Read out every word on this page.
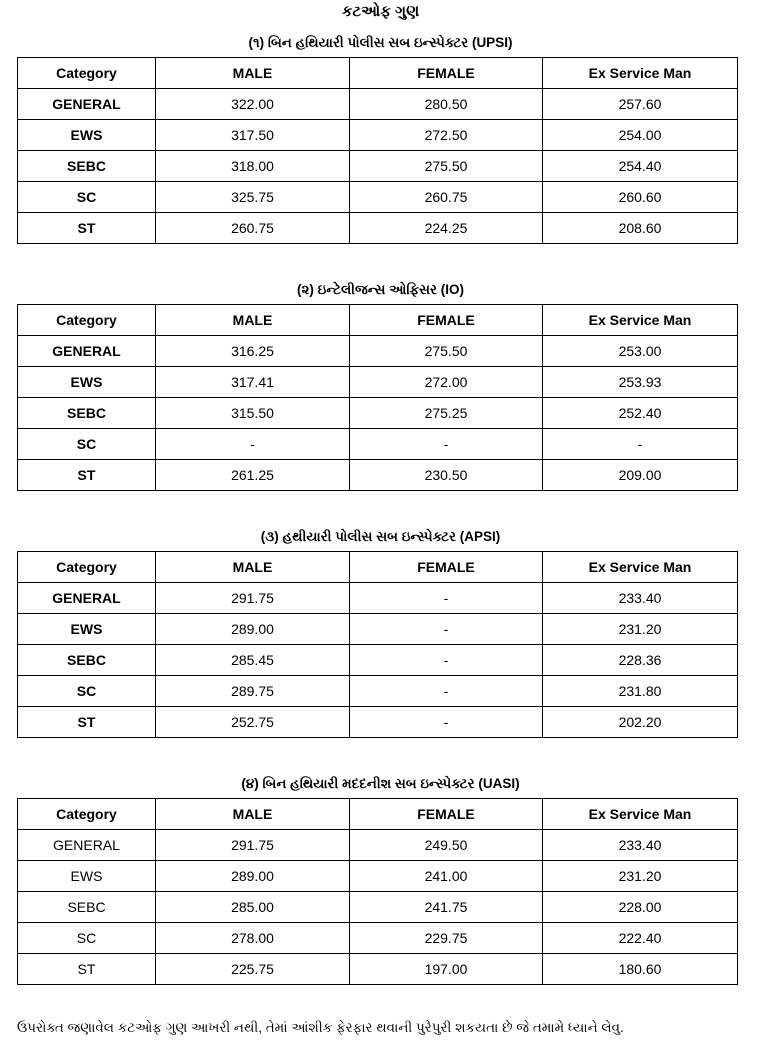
કટઓફ ગુણ
(૧) બિન હથિયારી પોલીસ સબ ઇન્સ્પેક્ટર (UPSI)
Category	MALE	FEMALE	Ex Service Man
GENERAL	322.00	280.50	257.60
EWS	317.50	272.50	254.00
SEBC	318.00	275.50	254.40
SC	325.75	260.75	260.60
ST	260.75	224.25	208.60
(૨) ઇન્ટેલીજન્સ ઓફિસર (IO)
Category	MALE	FEMALE	Ex Service Man
GENERAL	316.25	275.50	253.00
EWS	317.41	272.00	253.93
SEBC	315.50	275.25	252.40
SC	-	-	-
ST	261.25	230.50	209.00
(૩) હથીયારી પોલીસ સબ ઇન્સ્પેક્ટર (APSI)
Category	MALE	FEMALE	Ex Service Man
GENERAL	291.75	-	233.40
EWS	289.00	-	231.20
SEBC	285.45	-	228.36
SC	289.75	-	231.80
ST	252.75	-	202.20
(૪) બિન હથિયારી મદદનીશ સબ ઇન્સ્પેક્ટર (UASI)
Category	MALE	FEMALE	Ex Service Man
GENERAL	291.75	249.50	233.40
EWS	289.00	241.00	231.20
SEBC	285.00	241.75	228.00
SC	278.00	229.75	222.40
ST	225.75	197.00	180.60
ઉપરોક્ત જણાવેલ કટઓફ ગુણ આખરી નથી, તેમાં આંશીક ફેરફાર થવાની પુરેપુરી શકયતા છે જે તમામે ધ્યાને લેવુ.
